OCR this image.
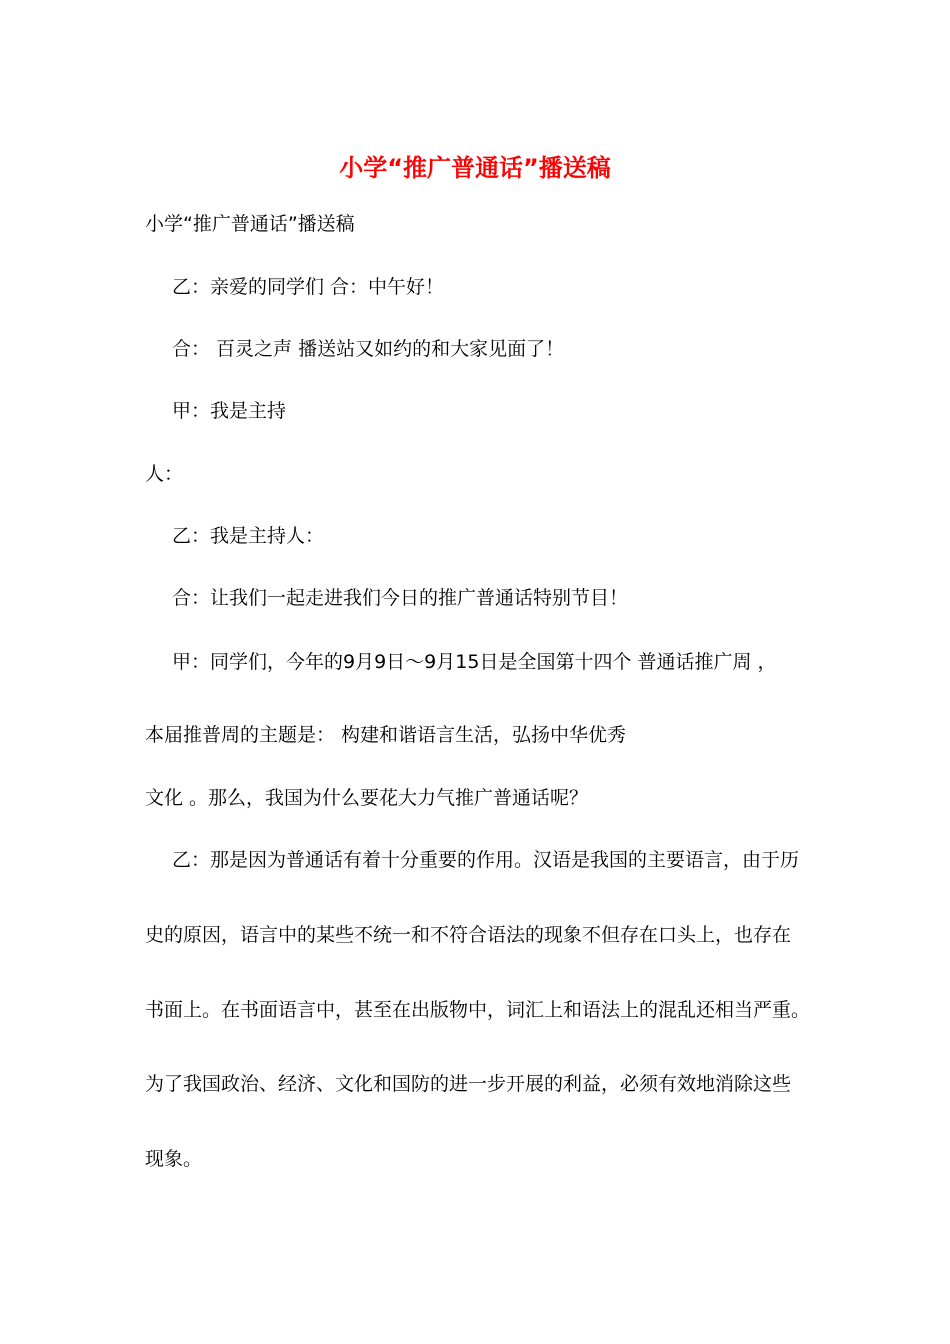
小学“推广普通话”播送稿
小学“推广普通话”播送稿
乙：亲爱的同学们 合：中午好！
合： 百灵之声 播送站又如约的和大家见面了！
甲：我是主持
人：
乙：我是主持人：
合：让我们一起走进我们今日的推广普通话特别节目！
甲：同学们，今年的9月9日～9月15日是全国第十四个 普通话推广周 ，
本届推普周的主题是： 构建和谐语言生活，弘扬中华优秀
文化 。那么，我国为什么要花大力气推广普通话呢？
乙：那是因为普通话有着十分重要的作用。汉语是我国的主要语言，由于历
史的原因，语言中的某些不统一和不符合语法的现象不但存在口头上，也存在
书面上。在书面语言中，甚至在出版物中，词汇上和语法上的混乱还相当严重。
为了我国政治、经济、文化和国防的进一步开展的利益，必须有效地消除这些
现象。
